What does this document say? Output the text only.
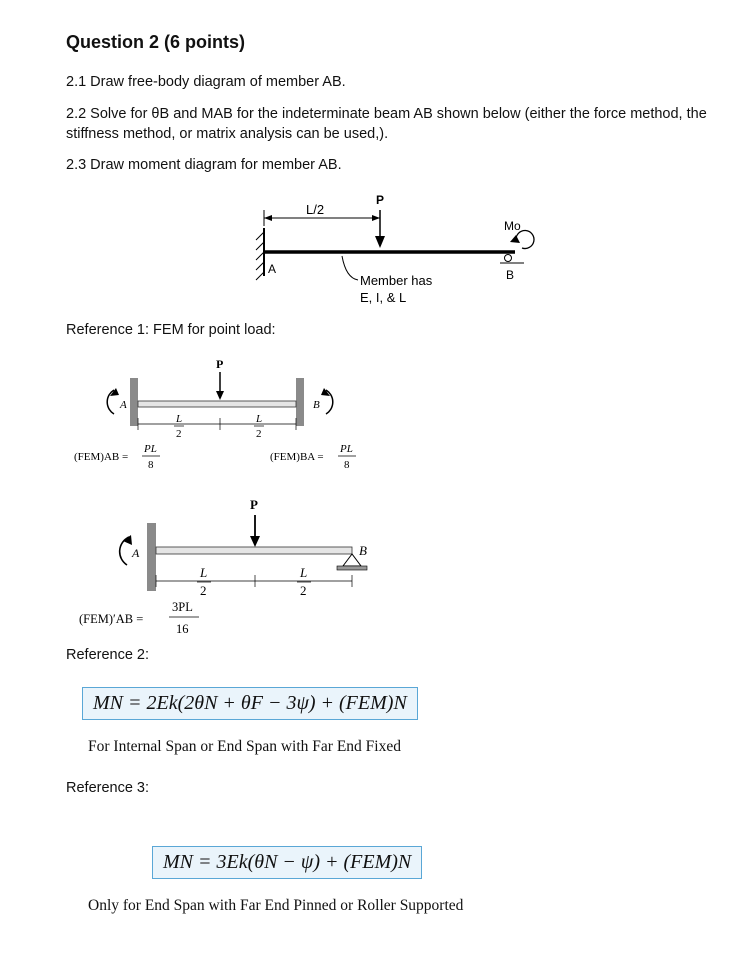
Question 2 (6 points)
2.1 Draw free-body diagram of member AB.
2.2 Solve for θB and MAB for the indeterminate beam AB shown below (either the force method, the stiffness method, or matrix analysis can be used,).
2.3 Draw moment diagram for member AB.
L/2
P
A	B
Mo
Member has
E, I, & L
Reference 1: FEM for point load:
P
A	B
L
2
L
2
(FEM)AB =
PL
8
(FEM)BA =
PL
8
P
A	B
L
2
L
2
(FEM)′AB =
3PL
16
Reference 2:
MN = 2Ek(2θN + θF − 3ψ) + (FEM)N
For Internal Span or End Span with Far End Fixed
Reference 3:
MN = 3Ek(θN − ψ) + (FEM)N
Only for End Span with Far End Pinned or Roller Supported
